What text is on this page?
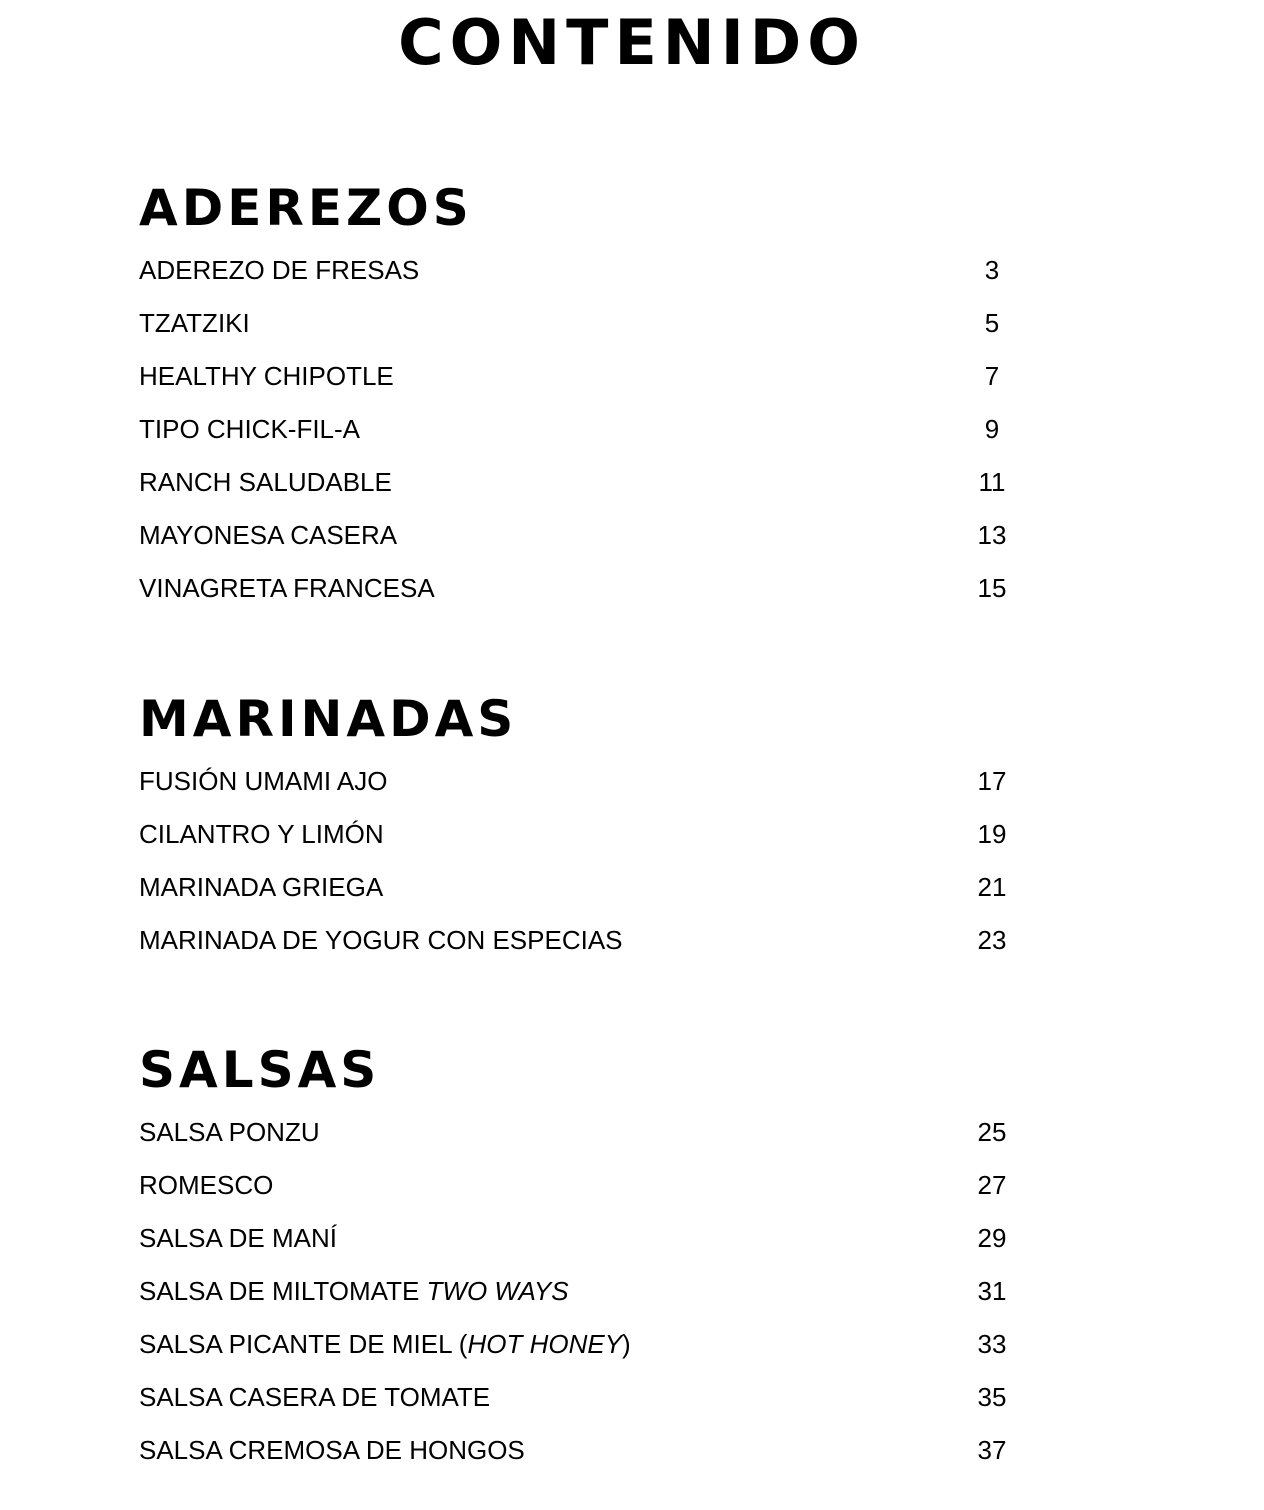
CONTENIDO
ADEREZOS
ADEREZO DE FRESAS	3
TZATZIKI	5
HEALTHY CHIPOTLE	7
TIPO CHICK-FIL-A	9
RANCH SALUDABLE	11
MAYONESA CASERA	13
VINAGRETA FRANCESA	15
MARINADAS
FUSIÓN UMAMI AJO	17
CILANTRO Y LIMÓN	19
MARINADA GRIEGA	21
MARINADA DE YOGUR CON ESPECIAS	23
SALSAS
SALSA PONZU	25
ROMESCO	27
SALSA DE MANÍ	29
SALSA DE MILTOMATE TWO WAYS	31
SALSA PICANTE DE MIEL (HOT HONEY)	33
SALSA CASERA DE TOMATE	35
SALSA CREMOSA DE HONGOS	37
